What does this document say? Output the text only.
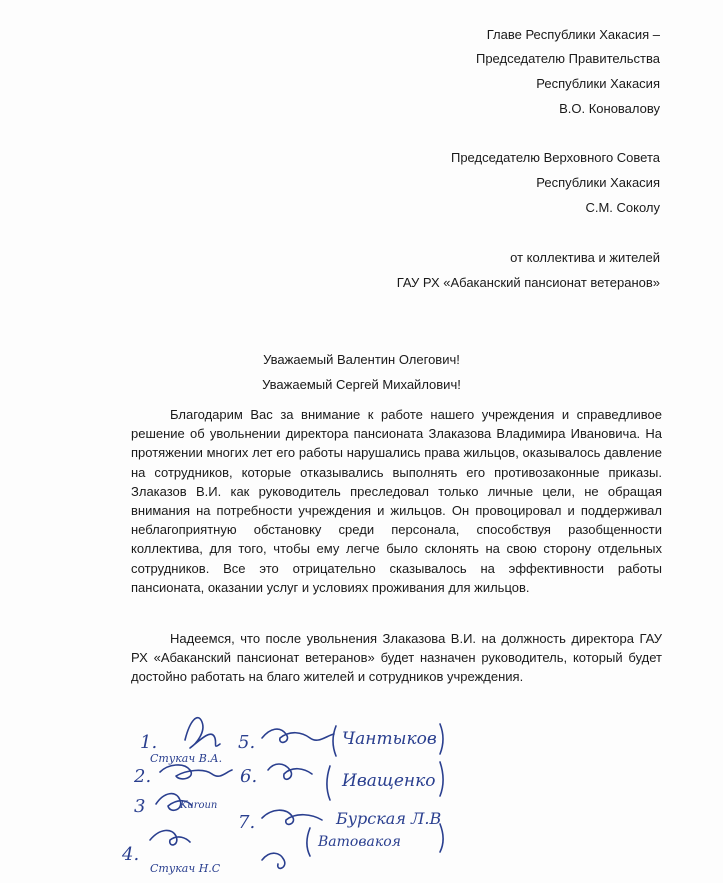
Главе Республики Хакасия –
Председателю Правительства
Республики Хакасия
В.О. Коновалову
Председателю Верховного Совета
Республики Хакасия
С.М. Соколу
от коллектива и жителей
ГАУ РХ «Абаканский пансионат ветеранов»
Уважаемый Валентин Олегович!
Уважаемый Сергей Михайлович!

Благодарим Вас за внимание к работе нашего учреждения и справедливое решение об увольнении директора пансионата Злаказова Владимира Ивановича. На протяжении многих лет его работы нарушались права жильцов, оказывалось давление на сотрудников, которые отказывались выполнять его противозаконные приказы. Злаказов В.И. как руководитель преследовал только личные цели, не обращая внимания на потребности учреждения и жильцов. Он провоцировал и поддерживал неблагоприятную обстановку среди персонала, способствуя разобщенности коллектива, для того, чтобы ему легче было склонять на свою сторону отдельных сотрудников. Все это отрицательно сказывалось на эффективности работы пансионата, оказании услуг и условиях проживания для жильцов.

Надеемся, что после увольнения Злаказова В.И. на должность директора ГАУ РХ «Абаканский пансионат ветеранов» будет назначен руководитель, который будет достойно работать на благо жителей и сотрудников учреждения.

1.
2.
3
4.
5.
6.
7.
Стукач В.А.
Kuroun
Стукач Н.С
Чантыков
Иващенко
Бурская Л.В
Ватовакоя
